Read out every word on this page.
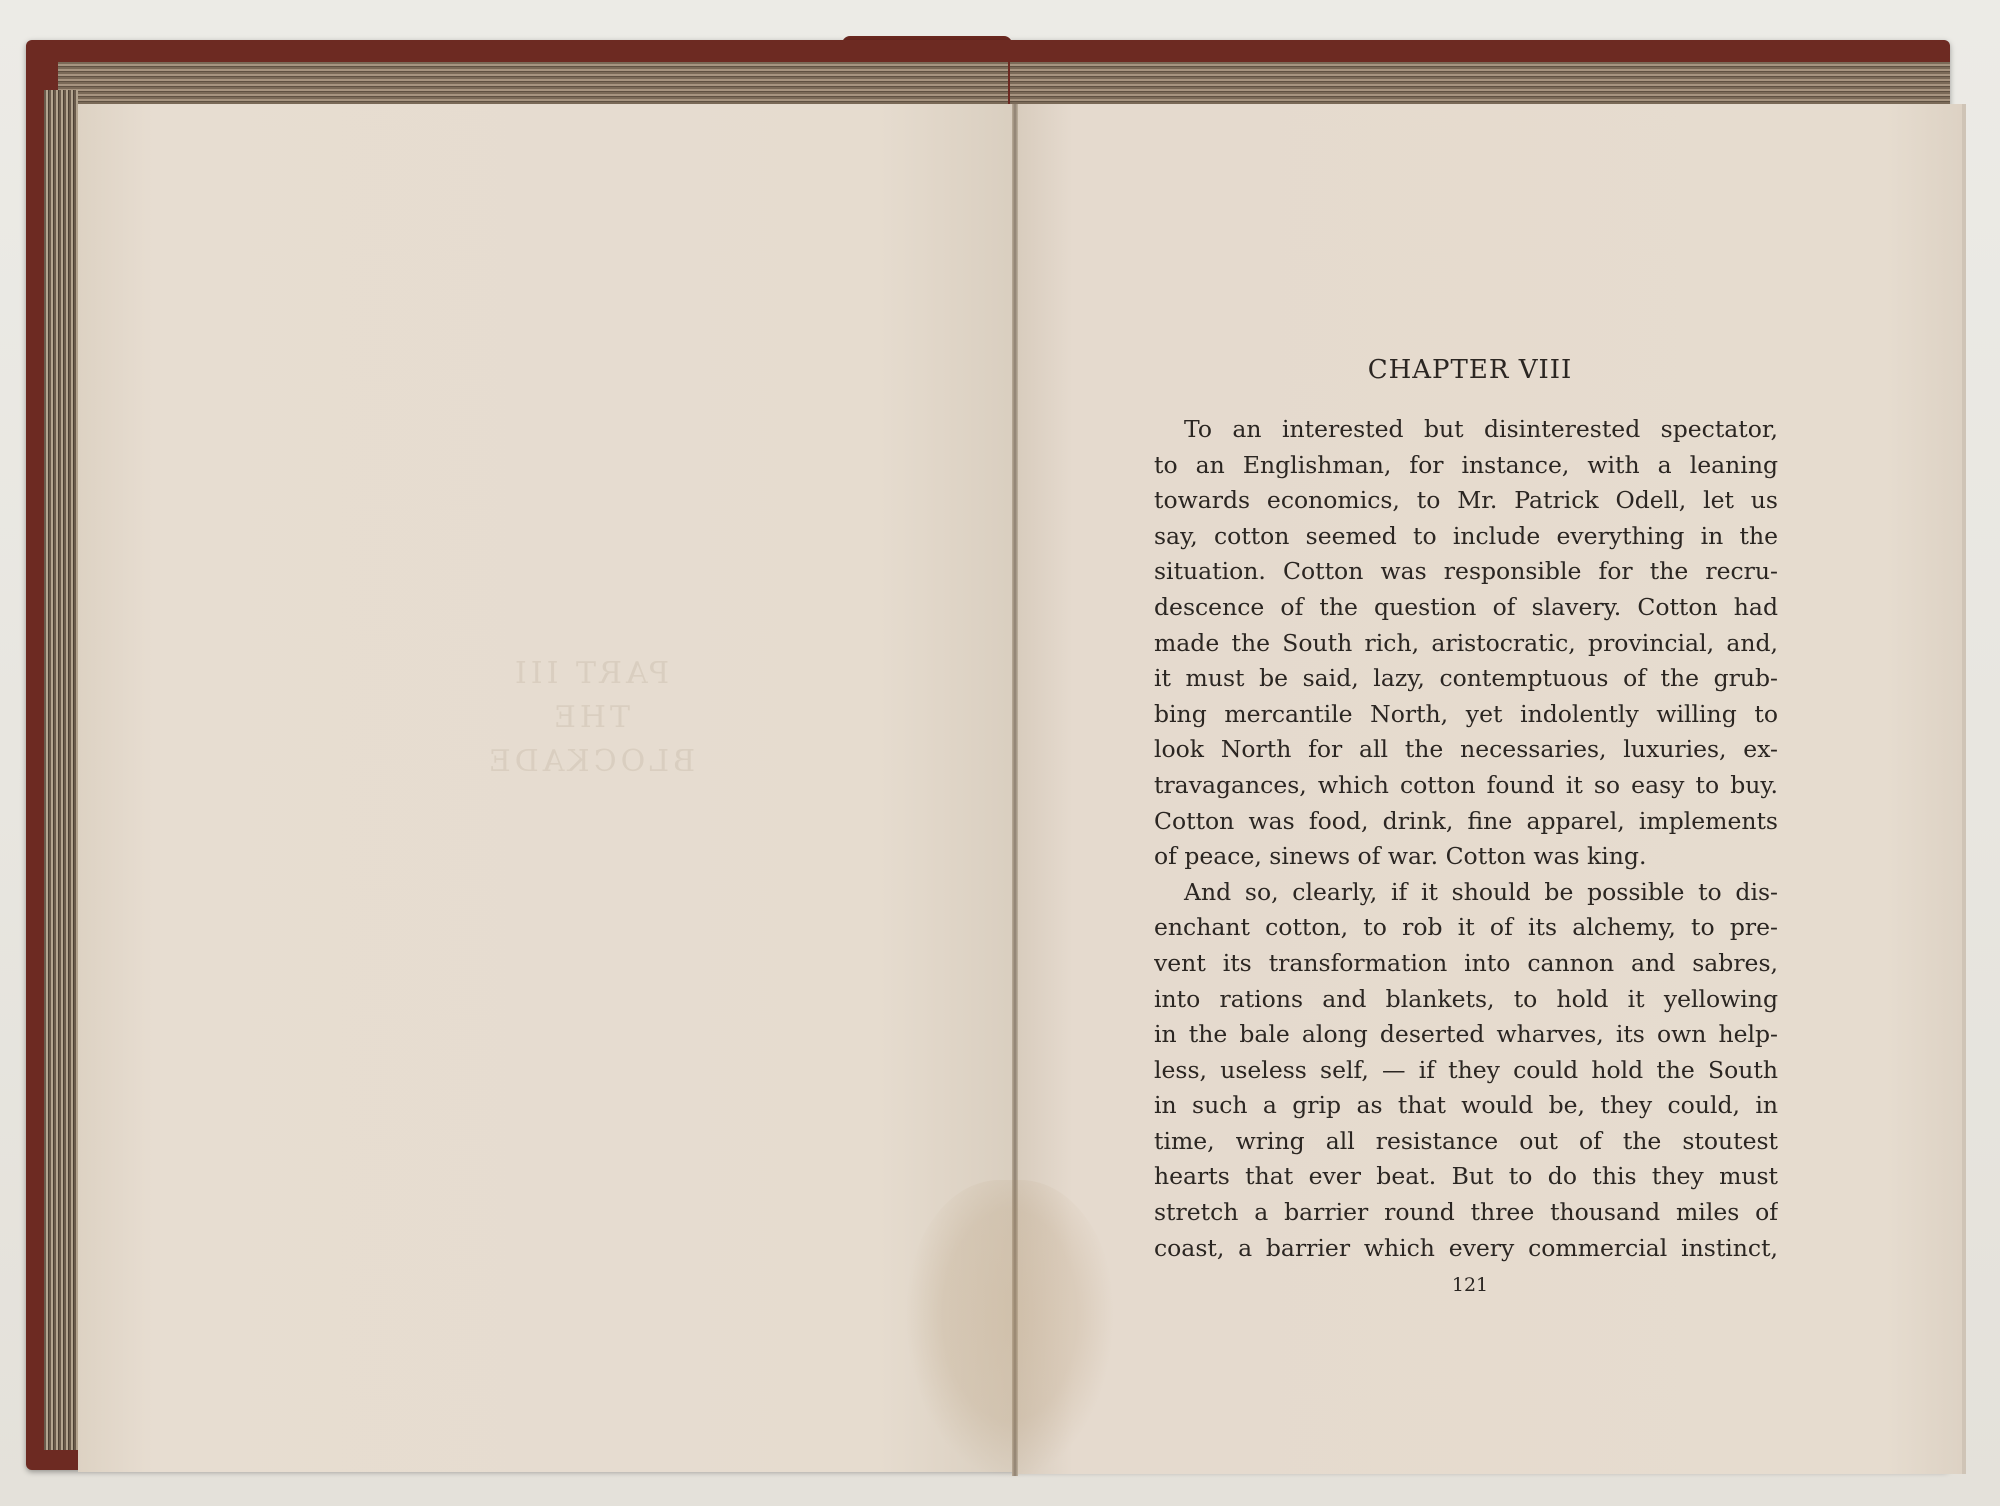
PART III
THE BLOCKADE
CHAPTER VIII
To an interested but disinterested spectator,
to an Englishman, for instance, with a leaning
towards economics, to Mr. Patrick Odell, let us
say, cotton seemed to include everything in the
situation. Cotton was responsible for the recru-
descence of the question of slavery. Cotton had
made the South rich, aristocratic, provincial, and,
it must be said, lazy, contemptuous of the grub-
bing mercantile North, yet indolently willing to
look North for all the necessaries, luxuries, ex-
travagances, which cotton found it so easy to buy.
Cotton was food, drink, fine apparel, implements
of peace, sinews of war. Cotton was king.
And so, clearly, if it should be possible to dis-
enchant cotton, to rob it of its alchemy, to pre-
vent its transformation into cannon and sabres,
into rations and blankets, to hold it yellowing
in the bale along deserted wharves, its own help-
less, useless self, — if they could hold the South
in such a grip as that would be, they could, in
time, wring all resistance out of the stoutest
hearts that ever beat. But to do this they must
stretch a barrier round three thousand miles of
coast, a barrier which every commercial instinct,
121
